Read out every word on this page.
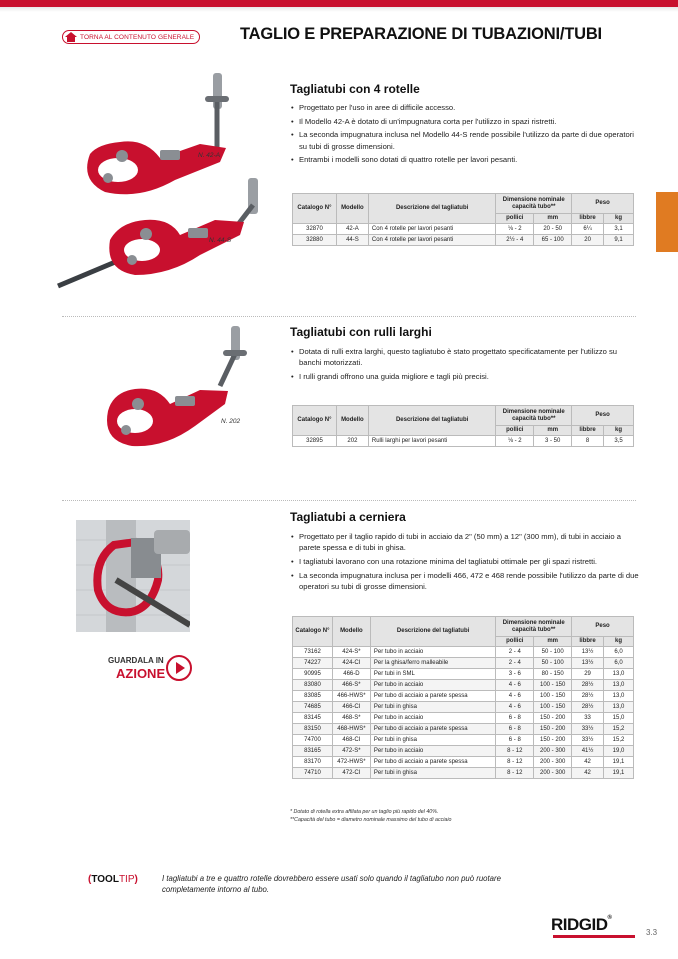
TORNA AL CONTENUTO GENERALE	TAGLIO E PREPARAZIONE DI TUBAZIONI/TUBI
N. 42-A
N. 44-S
Tagliatubi con 4 rotelle
• Progettato per l'uso in aree di difficile accesso.
• Il Modello 42-A è dotato di un'impugnatura corta per l'utilizzo in spazi ristretti.
• La seconda impugnatura inclusa nel Modello 44-S rende possibile l'utilizzo da parte di due operatori su tubi di grosse dimensioni.
• Entrambi i modelli sono dotati di quattro rotelle per lavori pesanti.
Catalogo N°	Modello	Descrizione del tagliatubi	Dimensione nominale capacità tubo**		Peso	
			pollici	mm	libbre	kg
32870	42-A	Con 4 rotelle per lavori pesanti	⅛ - 2	20 - 50	6¼	3,1
32880	44-S	Con 4 rotelle per lavori pesanti	2½ - 4	65 - 100	20	9,1
N. 202
Tagliatubi con rulli larghi
• Dotata di rulli extra larghi, questo tagliatubo è stato progettato specificatamente per l'utilizzo su banchi motorizzati.
• I rulli grandi offrono una guida migliore e tagli più precisi.
Catalogo N°	Modello	Descrizione del tagliatubi	Dimensione nominale capacità tubo**		Peso	
			pollici	mm	libbre	kg
32895	202	Rulli larghi per lavori pesanti	⅛ - 2	3 - 50	8	3,5
GUARDALA IN
AZIONE
Tagliatubi a cerniera
• Progettato per il taglio rapido di tubi in acciaio da 2" (50 mm) a 12" (300 mm), di tubi in acciaio a parete spessa e di tubi in ghisa.
• I tagliatubi lavorano con una rotazione minima del tagliatubi ottimale per gli spazi ristretti.
• La seconda impugnatura inclusa per i modelli 466, 472 e 468 rende possibile l'utilizzo da parte di due operatori su tubi di grosse dimensioni.
Catalogo N°	Modello	Descrizione del tagliatubi	Dimensione nominale capacità tubo**		Peso	
			pollici	mm	libbre	kg
73162	424-S*	Per tubo in acciaio	2 - 4	50 - 100	13½	6,0
74227	424-CI	Per la ghisa/ferro malleabile	2 - 4	50 - 100	13½	6,0
90995	466-D	Per tubi in SML	3 - 6	80 - 150	29	13,0
83080	466-S*	Per tubo in acciaio	4 - 6	100 - 150	28½	13,0
83085	466-HWS*	Per tubo di acciaio a parete spessa	4 - 6	100 - 150	28½	13,0
74685	466-CI	Per tubi in ghisa	4 - 6	100 - 150	28½	13,0
83145	468-S*	Per tubo in acciaio	6 - 8	150 - 200	33	15,0
83150	468-HWS*	Per tubo di acciaio a parete spessa	6 - 8	150 - 200	33½	15,2
74700	468-CI	Per tubi in ghisa	6 - 8	150 - 200	33½	15,2
83165	472-S*	Per tubo in acciaio	8 - 12	200 - 300	41½	19,0
83170	472-HWS*	Per tubo di acciaio a parete spessa	8 - 12	200 - 300	42	19,1
74710	472-CI	Per tubi in ghisa	8 - 12	200 - 300	42	19,1
* Dotato di rotella extra affilata per un taglio più rapido del 40%.
**Capacità del tubo = diametro nominale massimo del tubo di acciaio
(TOOLTIP)	I tagliatubi a tre e quattro rotelle dovrebbero essere usati solo quando il tagliatubo non può ruotare completamente intorno al tubo.
RIDGID®
3.3
